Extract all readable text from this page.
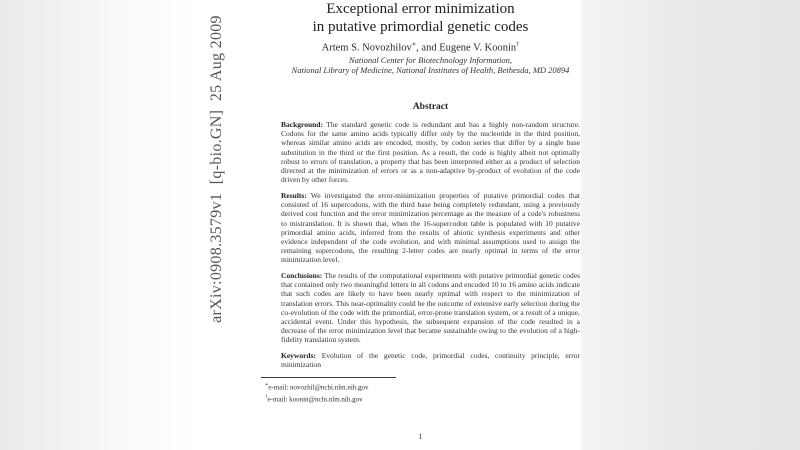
arXiv:0908.3579v1  [q-bio.GN]  25 Aug 2009
Exceptional error minimization
in putative primordial genetic codes
Artem S. Novozhilov∗, and Eugene V. Koonin†
National Center for Biotechnology Information,
National Library of Medicine, National Institutes of Health, Bethesda, MD 20894
Abstract

Background: The standard genetic code is redundant and has a highly non-random structure. Codons for the same amino acids typically differ only by the nucleotide in the third position, whereas similar amino acids are encoded, mostly, by codon series that differ by a single base substitution in the third or the first position. As a result, the code is highly albeit not optimally robust to errors of translation, a property that has been interpreted either as a product of selection directed at the minimization of errors or as a non-adaptive by-product of evolution of the code driven by other forces.

Results: We investigated the error-minimization properties of putative primordial codes that consisted of 16 supercodons, with the third base being completely redundant, using a previously derived cost function and the error minimization percentage as the measure of a code's robustness to mistranslation. It is shown that, when the 16-supercodon table is populated with 10 putative primordial amino acids, inferred from the results of abiotic synthesis experiments and other evidence independent of the code evolution, and with minimal assumptions used to assign the remaining supercodons, the resulting 2-letter codes are nearly optimal in terms of the error minimization level.

Conclusions: The results of the computational experiments with putative primordial genetic codes that contained only two meaningful letters in all codons and encoded 10 to 16 amino acids indicate that such codes are likely to have been nearly optimal with respect to the minimization of translation errors. This near-optimality could be the outcome of extensive early selection during the co-evolution of the code with the primordial, error-prone translation system, or a result of a unique, accidental event. Under this hypothesis, the subsequent expansion of the code resulted in a decrease of the error minimization level that became sustainable owing to the evolution of a high-fidelity translation system.

Keywords: Evolution of the genetic code, primordial codes, continuity principle, error minimization

∗e-mail: novozhil@ncbi.nlm.nih.gov
†e-mail: koonin@ncbi.nlm.nih.gov
1
